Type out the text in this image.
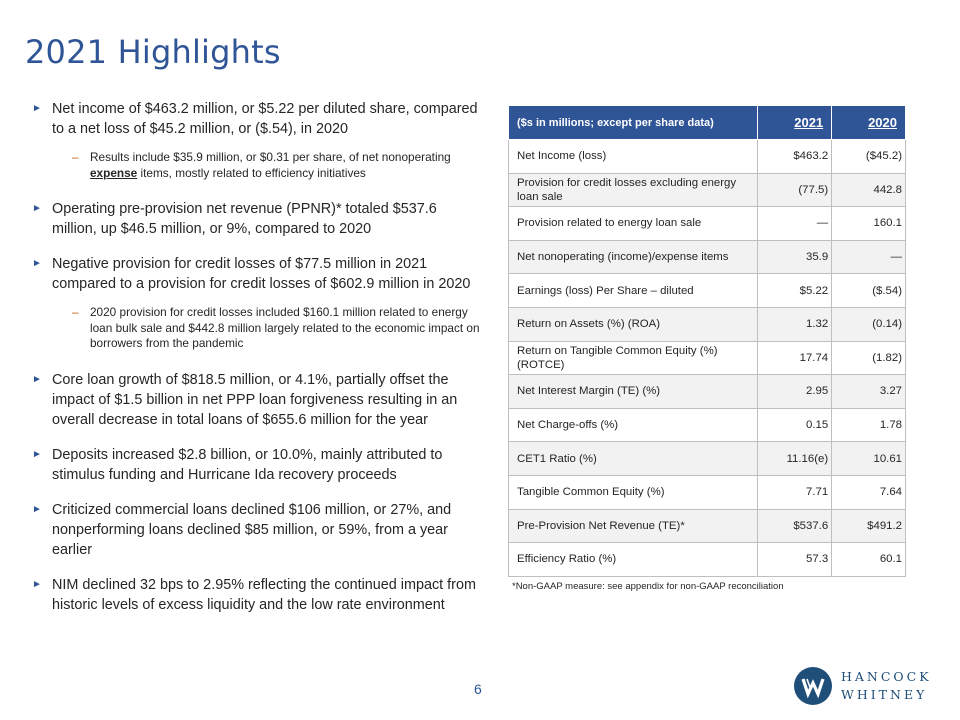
2021 Highlights
► Net income of $463.2 million, or $5.22 per diluted share, compared to a net loss of $45.2 million, or ($.54), in 2020
– Results include $35.9 million, or $0.31 per share, of net nonoperating expense items, mostly related to efficiency initiatives
► Operating pre-provision net revenue (PPNR)* totaled $537.6 million, up $46.5 million, or 9%, compared to 2020
► Negative provision for credit losses of $77.5 million in 2021 compared to a provision for credit losses of $602.9 million in 2020
– 2020 provision for credit losses included $160.1 million related to energy loan bulk sale and $442.8 million largely related to the economic impact on borrowers from the pandemic
► Core loan growth of $818.5 million, or 4.1%, partially offset the impact of $1.5 billion in net PPP loan forgiveness resulting in an overall decrease in total loans of $655.6 million for the year
► Deposits increased $2.8 billion, or 10.0%, mainly attributed to stimulus funding and Hurricane Ida recovery proceeds
► Criticized commercial loans declined $106 million, or 27%, and nonperforming loans declined $85 million, or 59%, from a year earlier
► NIM declined 32 bps to 2.95% reflecting the continued impact from historic levels of excess liquidity and the low rate environment
($s in millions; except per share data)	2021	2020
Net Income (loss)	$463.2	($45.2)
Provision for credit losses excluding energy loan sale	(77.5)	442.8
Provision related to energy loan sale	—	160.1
Net nonoperating (income)/expense items	35.9	—
Earnings (loss) Per Share – diluted	$5.22	($.54)
Return on Assets (%) (ROA)	1.32	(0.14)
Return on Tangible Common Equity (%) (ROTCE)	17.74	(1.82)
Net Interest Margin (TE) (%)	2.95	3.27
Net Charge-offs (%)	0.15	1.78
CET1 Ratio (%)	11.16(e)	10.61
Tangible Common Equity (%)	7.71	7.64
Pre-Provision Net Revenue (TE)*	$537.6	$491.2
Efficiency Ratio (%)	57.3	60.1
*Non-GAAP measure: see appendix for non-GAAP reconciliation
6
HANCOCK
WHITNEY
